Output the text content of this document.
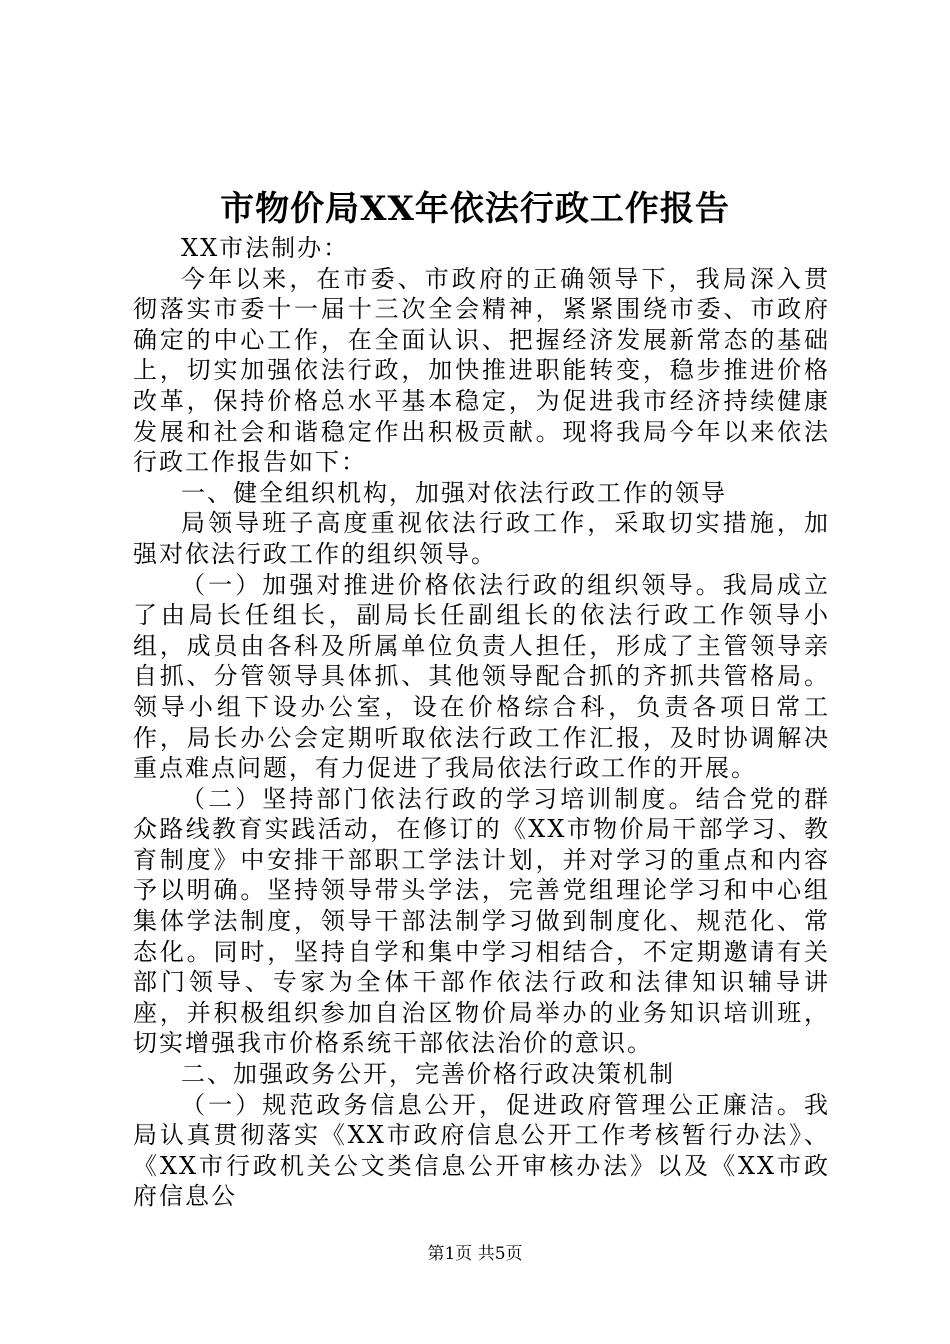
市物价局XX年依法行政工作报告

XX市法制办：

今年以来，在市委、市政府的正确领导下，我局深入贯彻落实市委十一届十三次全会精神，紧紧围绕市委、市政府确定的中心工作，在全面认识、把握经济发展新常态的基础上，切实加强依法行政，加快推进职能转变，稳步推进价格改革，保持价格总水平基本稳定，为促进我市经济持续健康发展和社会和谐稳定作出积极贡献。现将我局今年以来依法行政工作报告如下：

一、健全组织机构，加强对依法行政工作的领导

局领导班子高度重视依法行政工作，采取切实措施，加强对依法行政工作的组织领导。

（一）加强对推进价格依法行政的组织领导。我局成立了由局长任组长，副局长任副组长的依法行政工作领导小组，成员由各科及所属单位负责人担任，形成了主管领导亲自抓、分管领导具体抓、其他领导配合抓的齐抓共管格局。领导小组下设办公室，设在价格综合科，负责各项日常工作，局长办公会定期听取依法行政工作汇报，及时协调解决重点难点问题，有力促进了我局依法行政工作的开展。

（二）坚持部门依法行政的学习培训制度。结合党的群众路线教育实践活动，在修订的《XX市物价局干部学习、教育制度》中安排干部职工学法计划，并对学习的重点和内容予以明确。坚持领导带头学法，完善党组理论学习和中心组集体学法制度，领导干部法制学习做到制度化、规范化、常态化。同时，坚持自学和集中学习相结合，不定期邀请有关部门领导、专家为全体干部作依法行政和法律知识辅导讲座，并积极组织参加自治区物价局举办的业务知识培训班，切实增强我市价格系统干部依法治价的意识。

二、加强政务公开，完善价格行政决策机制

（一）规范政务信息公开，促进政府管理公正廉洁。我局认真贯彻落实《XX市政府信息公开工作考核暂行办法》、《XX市行政机关公文类信息公开审核办法》以及《XX市政府信息公

第1页 共5页
